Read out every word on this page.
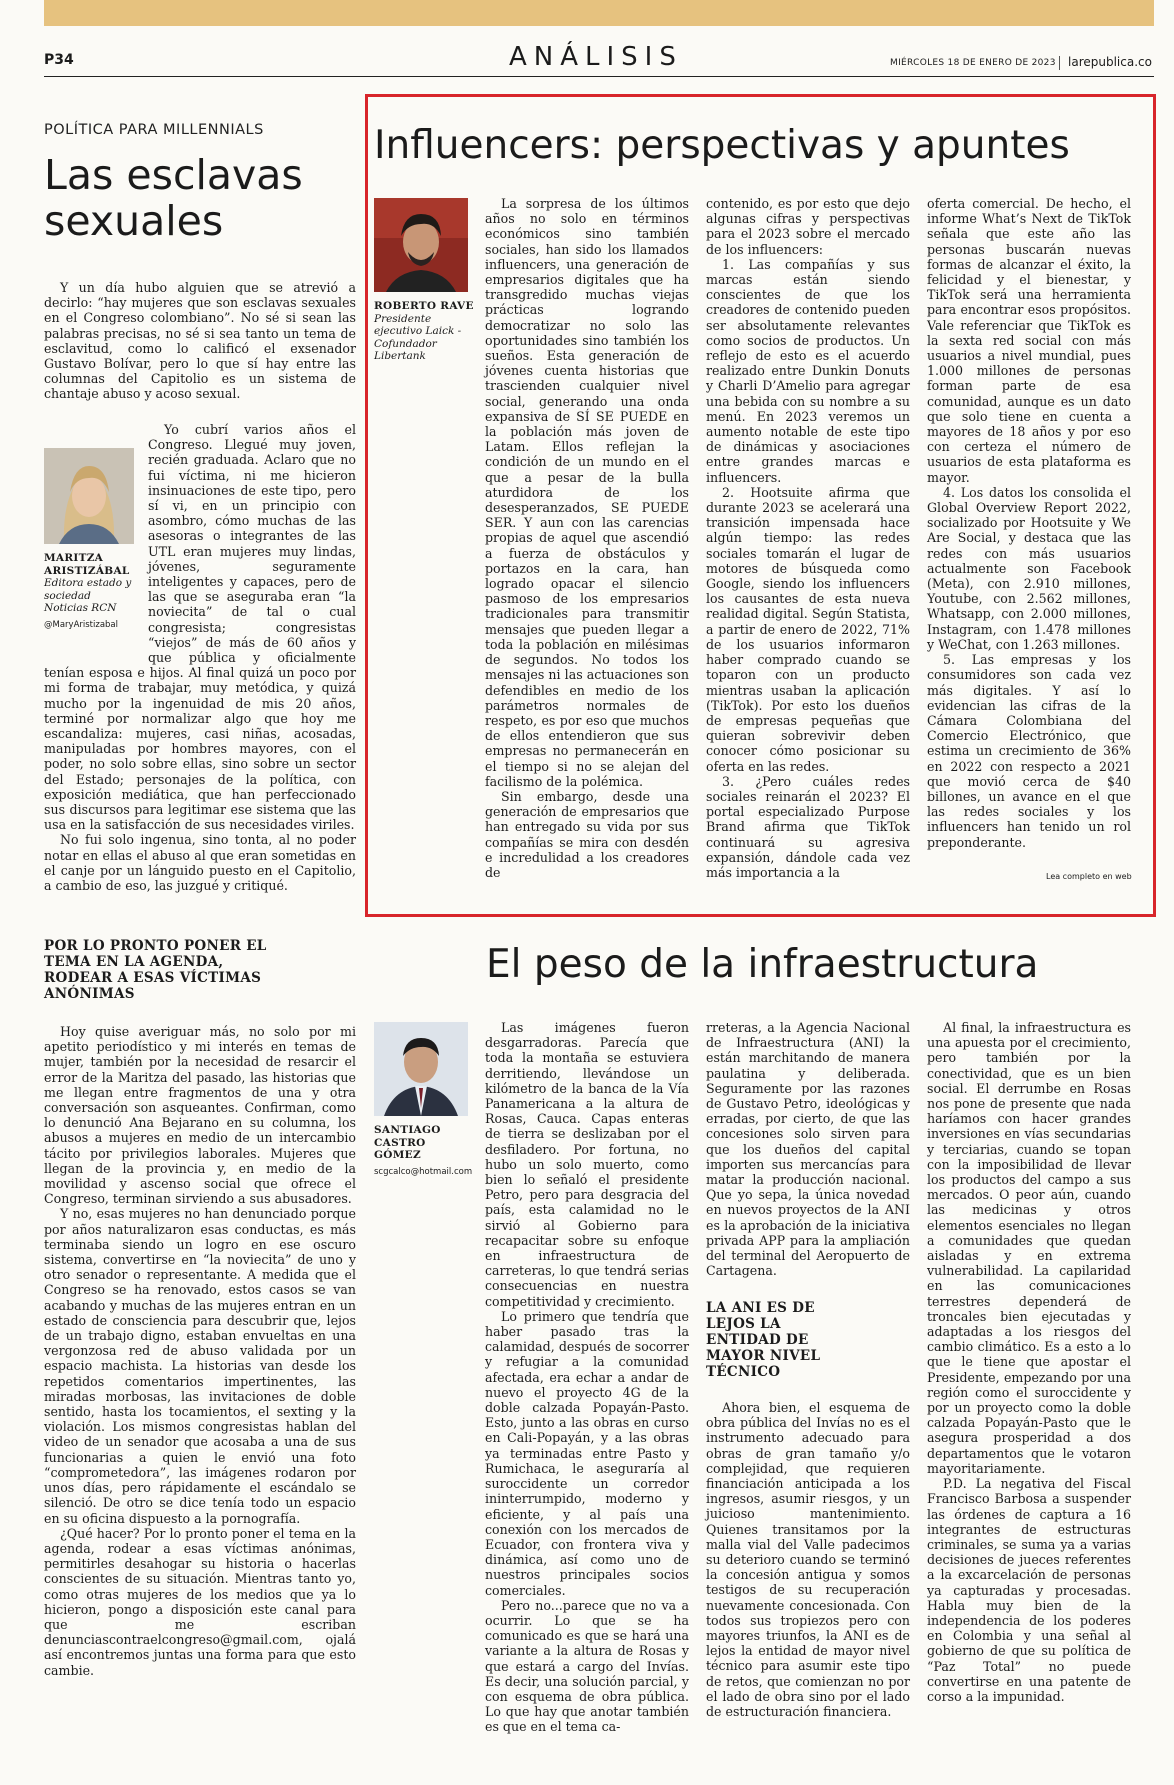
P34	ANÁLISIS	MIÉRCOLES 18 DE ENERO DE 2023 larepublica.co
POLÍTICA PARA MILLENNIALS
Las esclavas sexuales

Y un día hubo alguien que se atrevió a decirlo: “hay mujeres que son esclavas sexuales en el Congreso colombiano”. No sé si sean las palabras precisas, no sé si sea tanto un tema de esclavitud, como lo calificó el exsenador Gustavo Bolívar, pero lo que sí hay entre las columnas del Capitolio es un sistema de chantaje abuso y acoso sexual.

MARITZA ARISTIZÁBAL
Editora estado y sociedad Noticias RCN
@MaryAristizabal

Yo cubrí varios años el Congreso. Llegué muy joven, recién graduada. Aclaro que no fui víctima, ni me hicieron insinuaciones de este tipo, pero sí vi, en un principio con asombro, cómo muchas de las asesoras o integrantes de las UTL eran mujeres muy lindas, jóvenes, seguramente inteligentes y capaces, pero de las que se aseguraba eran “la noviecita” de tal o cual congresista; congresistas “viejos” de más de 60 años y que pública y oficialmente tenían esposa e hijos. Al final quizá un poco por mi forma de trabajar, muy metódica, y quizá mucho por la ingenuidad de mis 20 años, terminé por normalizar algo que hoy me escandaliza: mujeres, casi niñas, acosadas, manipuladas por hombres mayores, con el poder, no solo sobre ellas, sino sobre un sector del Estado; personajes de la política, con exposición mediática, que han perfeccionado sus discursos para legitimar ese sistema que las usa en la satisfacción de sus necesidades viriles.

No fui solo ingenua, sino tonta, al no poder notar en ellas el abuso al que eran sometidas en el canje por un lánguido puesto en el Capitolio, a cambio de eso, las juzgué y critiqué.

POR LO PRONTO PONER EL TEMA EN LA AGENDA, RODEAR A ESAS VÍCTIMAS ANÓNIMAS

Hoy quise averiguar más, no solo por mi apetito periodístico y mi interés en temas de mujer, también por la necesidad de resarcir el error de la Maritza del pasado, las historias que me llegan entre fragmentos de una y otra conversación son asqueantes. Confirman, como lo denunció Ana Bejarano en su columna, los abusos a mujeres en medio de un intercambio tácito por privilegios laborales. Mujeres que llegan de la provincia y, en medio de la movilidad y ascenso social que ofrece el Congreso, terminan sirviendo a sus abusadores.

Y no, esas mujeres no han denunciado porque por años naturalizaron esas conductas, es más terminaba siendo un logro en ese oscuro sistema, convertirse en “la noviecita” de uno y otro senador o representante. A medida que el Congreso se ha renovado, estos casos se van acabando y muchas de las mujeres entran en un estado de consciencia para descubrir que, lejos de un trabajo digno, estaban envueltas en una vergonzosa red de abuso validada por un espacio machista. La historias van desde los repetidos comentarios impertinentes, las miradas morbosas, las invitaciones de doble sentido, hasta los tocamientos, el sexting y la violación. Los mismos congresistas hablan del video de un senador que acosaba a una de sus funcionarias a quien le envió una foto “comprometedora”, las imágenes rodaron por unos días, pero rápidamente el escándalo se silenció. De otro se dice tenía todo un espacio en su oficina dispuesto a la pornografía.

¿Qué hacer? Por lo pronto poner el tema en la agenda, rodear a esas víctimas anónimas, permitirles desahogar su historia o hacerlas conscientes de su situación. Mientras tanto yo, como otras mujeres de los medios que ya lo hicieron, pongo a disposición este canal para que me escriban denunciascontraelcongreso@gmail.com, ojalá así encontremos juntas una forma para que esto cambie.

Influencers: perspectivas y apuntes
ROBERTO RAVE
Presidente ejecutivo Laick - Cofundador Libertank

La sorpresa de los últimos años no solo en términos económicos sino también sociales, han sido los llamados influencers, una generación de empresarios digitales que ha transgredido muchas viejas prácticas logrando democratizar no solo las oportunidades sino también los sueños. Esta generación de jóvenes cuenta historias que trascienden cualquier nivel social, generando una onda expansiva de SÍ SE PUEDE en la población más joven de Latam. Ellos reflejan la condición de un mundo en el que a pesar de la bulla aturdidora de los desesperanzados, SE PUEDE SER. Y aun con las carencias propias de aquel que ascendió a fuerza de obstáculos y portazos en la cara, han logrado opacar el silencio pasmoso de los empresarios tradicionales para transmitir mensajes que pueden llegar a toda la población en milésimas de segundos. No todos los mensajes ni las actuaciones son defendibles en medio de los parámetros normales de respeto, es por eso que muchos de ellos entendieron que sus empresas no permanecerán en el tiempo si no se alejan del facilismo de la polémica.

Sin embargo, desde una generación de empresarios que han entregado su vida por sus compañías se mira con desdén e incredulidad a los creadores de

contenido, es por esto que dejo algunas cifras y perspectivas para el 2023 sobre el mercado de los influencers:

1. Las compañías y sus marcas están siendo conscientes de que los creadores de contenido pueden ser absolutamente relevantes como socios de productos. Un reflejo de esto es el acuerdo realizado entre Dunkin Donuts y Charli D’Amelio para agregar una bebida con su nombre a su menú. En 2023 veremos un aumento notable de este tipo de dinámicas y asociaciones entre grandes marcas e influencers.

2. Hootsuite afirma que durante 2023 se acelerará una transición impensada hace algún tiempo: las redes sociales tomarán el lugar de motores de búsqueda como Google, siendo los influencers los causantes de esta nueva realidad digital. Según Statista, a partir de enero de 2022, 71% de los usuarios informaron haber comprado cuando se toparon con un producto mientras usaban la aplicación (TikTok). Por esto los dueños de empresas pequeñas que quieran sobrevivir deben conocer cómo posicionar su oferta en las redes.

3. ¿Pero cuáles redes sociales reinarán el 2023? El portal especializado Purpose Brand afirma que TikTok continuará su agresiva expansión, dándole cada vez más importancia a la

oferta comercial. De hecho, el informe What’s Next de TikTok señala que este año las personas buscarán nuevas formas de alcanzar el éxito, la felicidad y el bienestar, y TikTok será una herramienta para encontrar esos propósitos. Vale referenciar que TikTok es la sexta red social con más usuarios a nivel mundial, pues 1.000 millones de personas forman parte de esa comunidad, aunque es un dato que solo tiene en cuenta a mayores de 18 años y por eso con certeza el número de usuarios de esta plataforma es mayor.

4. Los datos los consolida el Global Overview Report 2022, socializado por Hootsuite y We Are Social, y destaca que las redes con más usuarios actualmente son Facebook (Meta), con 2.910 millones, Youtube, con 2.562 millones, Whatsapp, con 2.000 millones, Instagram, con 1.478 millones y WeChat, con 1.263 millones.

5. Las empresas y los consumidores son cada vez más digitales. Y así lo evidencian las cifras de la Cámara Colombiana del Comercio Electrónico, que estima un crecimiento de 36% en 2022 con respecto a 2021 que movió cerca de $40 billones, un avance en el que las redes sociales y los influencers han tenido un rol preponderante.

Lea completo en web
El peso de la infraestructura
SANTIAGO CASTRO GÓMEZ
scgcalco@hotmail.com

Las imágenes fueron desgarradoras. Parecía que toda la montaña se estuviera derritiendo, llevándose un kilómetro de la banca de la Vía Panamericana a la altura de Rosas, Cauca. Capas enteras de tierra se deslizaban por el desfiladero. Por fortuna, no hubo un solo muerto, como bien lo señaló el presidente Petro, pero para desgracia del país, esta calamidad no le sirvió al Gobierno para recapacitar sobre su enfoque en infraestructura de carreteras, lo que tendrá serias consecuencias en nuestra competitividad y crecimiento.

Lo primero que tendría que haber pasado tras la calamidad, después de socorrer y refugiar a la comunidad afectada, era echar a andar de nuevo el proyecto 4G de la doble calzada Popayán-Pasto. Esto, junto a las obras en curso en Cali-Popayán, y a las obras ya terminadas entre Pasto y Rumichaca, le aseguraría al suroccidente un corredor ininterrumpido, moderno y eficiente, y al país una conexión con los mercados de Ecuador, con frontera viva y dinámica, así como uno de nuestros principales socios comerciales.

Pero no...parece que no va a ocurrir. Lo que se ha comunicado es que se hará una variante a la altura de Rosas y que estará a cargo del Invías. Es decir, una solución parcial, y con esquema de obra pública. Lo que hay que anotar también es que en el tema ca-

rreteras, a la Agencia Nacional de Infraestructura (ANI) la están marchitando de manera paulatina y deliberada. Seguramente por las razones de Gustavo Petro, ideológicas y erradas, por cierto, de que las concesiones solo sirven para que los dueños del capital importen sus mercancías para matar la producción nacional. Que yo sepa, la única novedad en nuevos proyectos de la ANI es la aprobación de la iniciativa privada APP para la ampliación del terminal del Aeropuerto de Cartagena.

LA ANI ES DE LEJOS LA ENTIDAD DE MAYOR NIVEL TÉCNICO

Ahora bien, el esquema de obra pública del Invías no es el instrumento adecuado para obras de gran tamaño y/o complejidad, que requieren financiación anticipada a los ingresos, asumir riesgos, y un juicioso mantenimiento. Quienes transitamos por la malla vial del Valle padecimos su deterioro cuando se terminó la concesión antigua y somos testigos de su recuperación nuevamente concesionada. Con todos sus tropiezos pero con mayores triunfos, la ANI es de lejos la entidad de mayor nivel técnico para asumir este tipo de retos, que comienzan no por el lado de obra sino por el lado de estructuración financiera.

Al final, la infraestructura es una apuesta por el crecimiento, pero también por la conectividad, que es un bien social. El derrumbe en Rosas nos pone de presente que nada haríamos con hacer grandes inversiones en vías secundarias y terciarias, cuando se topan con la imposibilidad de llevar los productos del campo a sus mercados. O peor aún, cuando las medicinas y otros elementos esenciales no llegan a comunidades que quedan aisladas y en extrema vulnerabilidad. La capilaridad en las comunicaciones terrestres dependerá de troncales bien ejecutadas y adaptadas a los riesgos del cambio climático. Es a esto a lo que le tiene que apostar el Presidente, empezando por una región como el suroccidente y por un proyecto como la doble calzada Popayán-Pasto que le asegura prosperidad a dos departamentos que le votaron mayoritariamente.

P.D. La negativa del Fiscal Francisco Barbosa a suspender las órdenes de captura a 16 integrantes de estructuras criminales, se suma ya a varias decisiones de jueces referentes a la excarcelación de personas ya capturadas y procesadas. Habla muy bien de la independencia de los poderes en Colombia y una señal al gobierno de que su política de “Paz Total” no puede convertirse en una patente de corso a la impunidad.
